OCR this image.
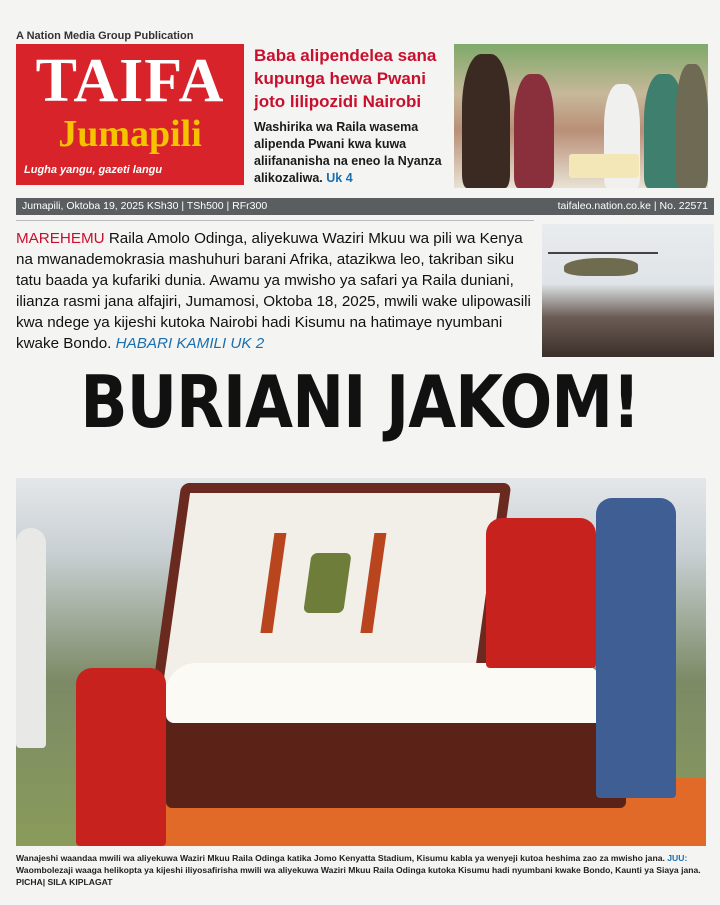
A Nation Media Group Publication
TAIFA
Jumapili
Lugha yangu, gazeti langu
Baba alipendelea sana kupunga hewa Pwani joto lilipozidi Nairobi
Washirika wa Raila wasema alipenda Pwani kwa kuwa aliifananisha na eneo la Nyanza alikozaliwa. Uk 4
Jumapili, Oktoba 19, 2025 KSh30 | TSh500 | RFr300	taifaleo.nation.co.ke | No. 22571
MAREHEMU Raila Amolo Odinga, aliyekuwa Waziri Mkuu wa pili wa Kenya na mwanademokrasia mashuhuri barani Afrika, atazikwa leo, takriban siku tatu baada ya kufariki dunia. Awamu ya mwisho ya safari ya Raila duniani, ilianza rasmi jana alfajiri, Jumamosi, Oktoba 18, 2025, mwili wake ulipowasili kwa ndege ya kijeshi kutoka Nairobi hadi Kisumu na hatimaye nyumbani kwake Bondo. HABARI KAMILI UK 2
BURIANI JAKOM!
Wanajeshi waandaa mwili wa aliyekuwa Waziri Mkuu Raila Odinga katika Jomo Kenyatta Stadium, Kisumu kabla ya wenyeji kutoa heshima zao za mwisho jana. JUU: Waombolezaji waaga helikopta ya kijeshi iliyosafirisha mwili wa aliyekuwa Waziri Mkuu Raila Odinga kutoka Kisumu hadi nyumbani kwake Bondo, Kaunti ya Siaya jana. PICHA| SILA KIPLAGAT
